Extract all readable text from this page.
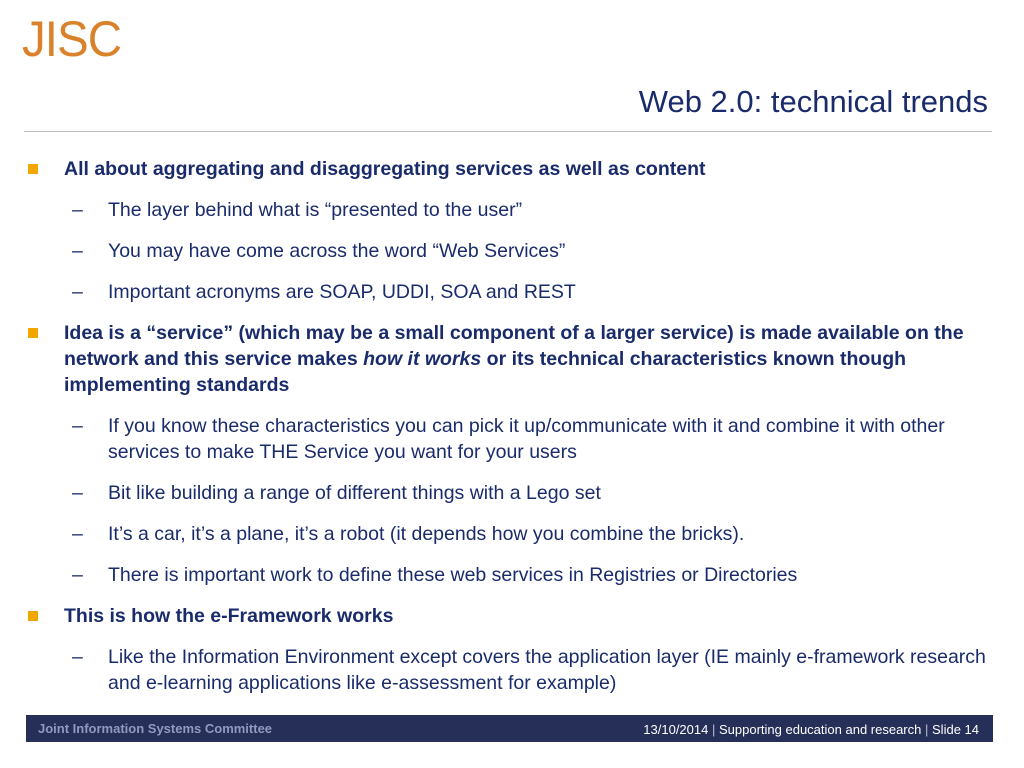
JISC
Web 2.0: technical trends
All about aggregating and disaggregating services as well as content
– The layer behind what is “presented to the user”
– You may have come across the word “Web Services”
– Important acronyms are SOAP, UDDI, SOA and REST
Idea is a “service” (which may be a small component of a larger service) is made available on the network and this service makes how it works or its technical characteristics known though implementing standards
– If you know these characteristics you can pick it up/communicate with it and combine it with other services to make THE Service you want for your users
– Bit like building a range of different things with a Lego set
– It’s a car, it’s a plane, it’s a robot (it depends how you combine the bricks).
– There is important work to define these web services in Registries or Directories
This is how the e-Framework works
– Like the Information Environment except covers the application layer (IE mainly e-framework research and e-learning applications like e-assessment for example)
Joint Information Systems Committee	13/10/2014 | Supporting education and research | Slide 14
